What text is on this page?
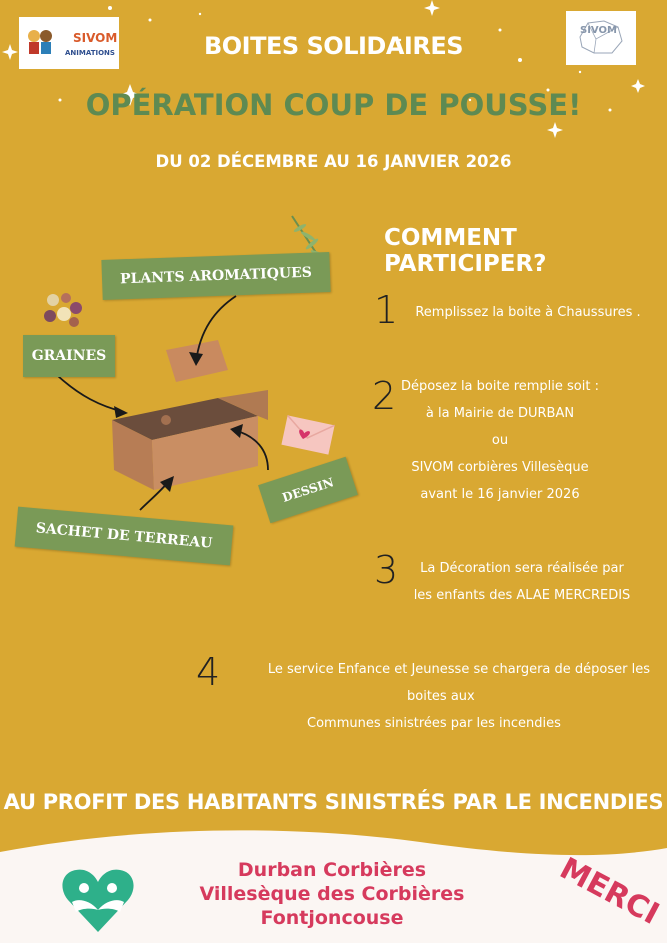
SIVOM
ANIMATIONS
SIVOM
BOITES SOLIDAIRES
OPÉRATION COUP DE POUSSE!
DU 02 DÉCEMBRE AU 16 JANVIER 2026
PLANTS AROMATIQUES
GRAINES
SACHET DE TERREAU
DESSIN
COMMENT PARTICIPER?
1	Remplissez la boite à Chaussures .
2 Déposez la boite remplie soit :
à la Mairie de DURBAN
ou
SIVOM corbières Villesèque
avant le 16 janvier 2026
3	La Décoration sera réalisée par
les enfants des ALAE MERCREDIS
4	Le service Enfance et Jeunesse se chargera de déposer les
boites aux
Communes sinistrées par les incendies
AU PROFIT DES HABITANTS SINISTRÉS PAR LE INCENDIES
Durban Corbières
Villesèque des Corbières
Fontjoncouse	MERCI
